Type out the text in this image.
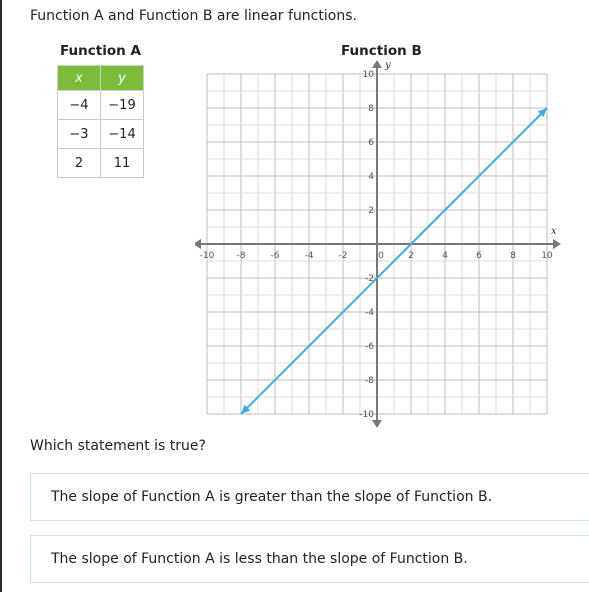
Function A and Function B are linear functions.
Function A	Function B
x	y
−4	−19
−3	−14
2	11
x
y
-10 -8	-6	-4	-2	0	2	4	6	8	10
10
8
6
4
2
-2
-4
-6
-8
-10
Which statement is true?
The slope of Function A is greater than the slope of Function B.
The slope of Function A is less than the slope of Function B.
